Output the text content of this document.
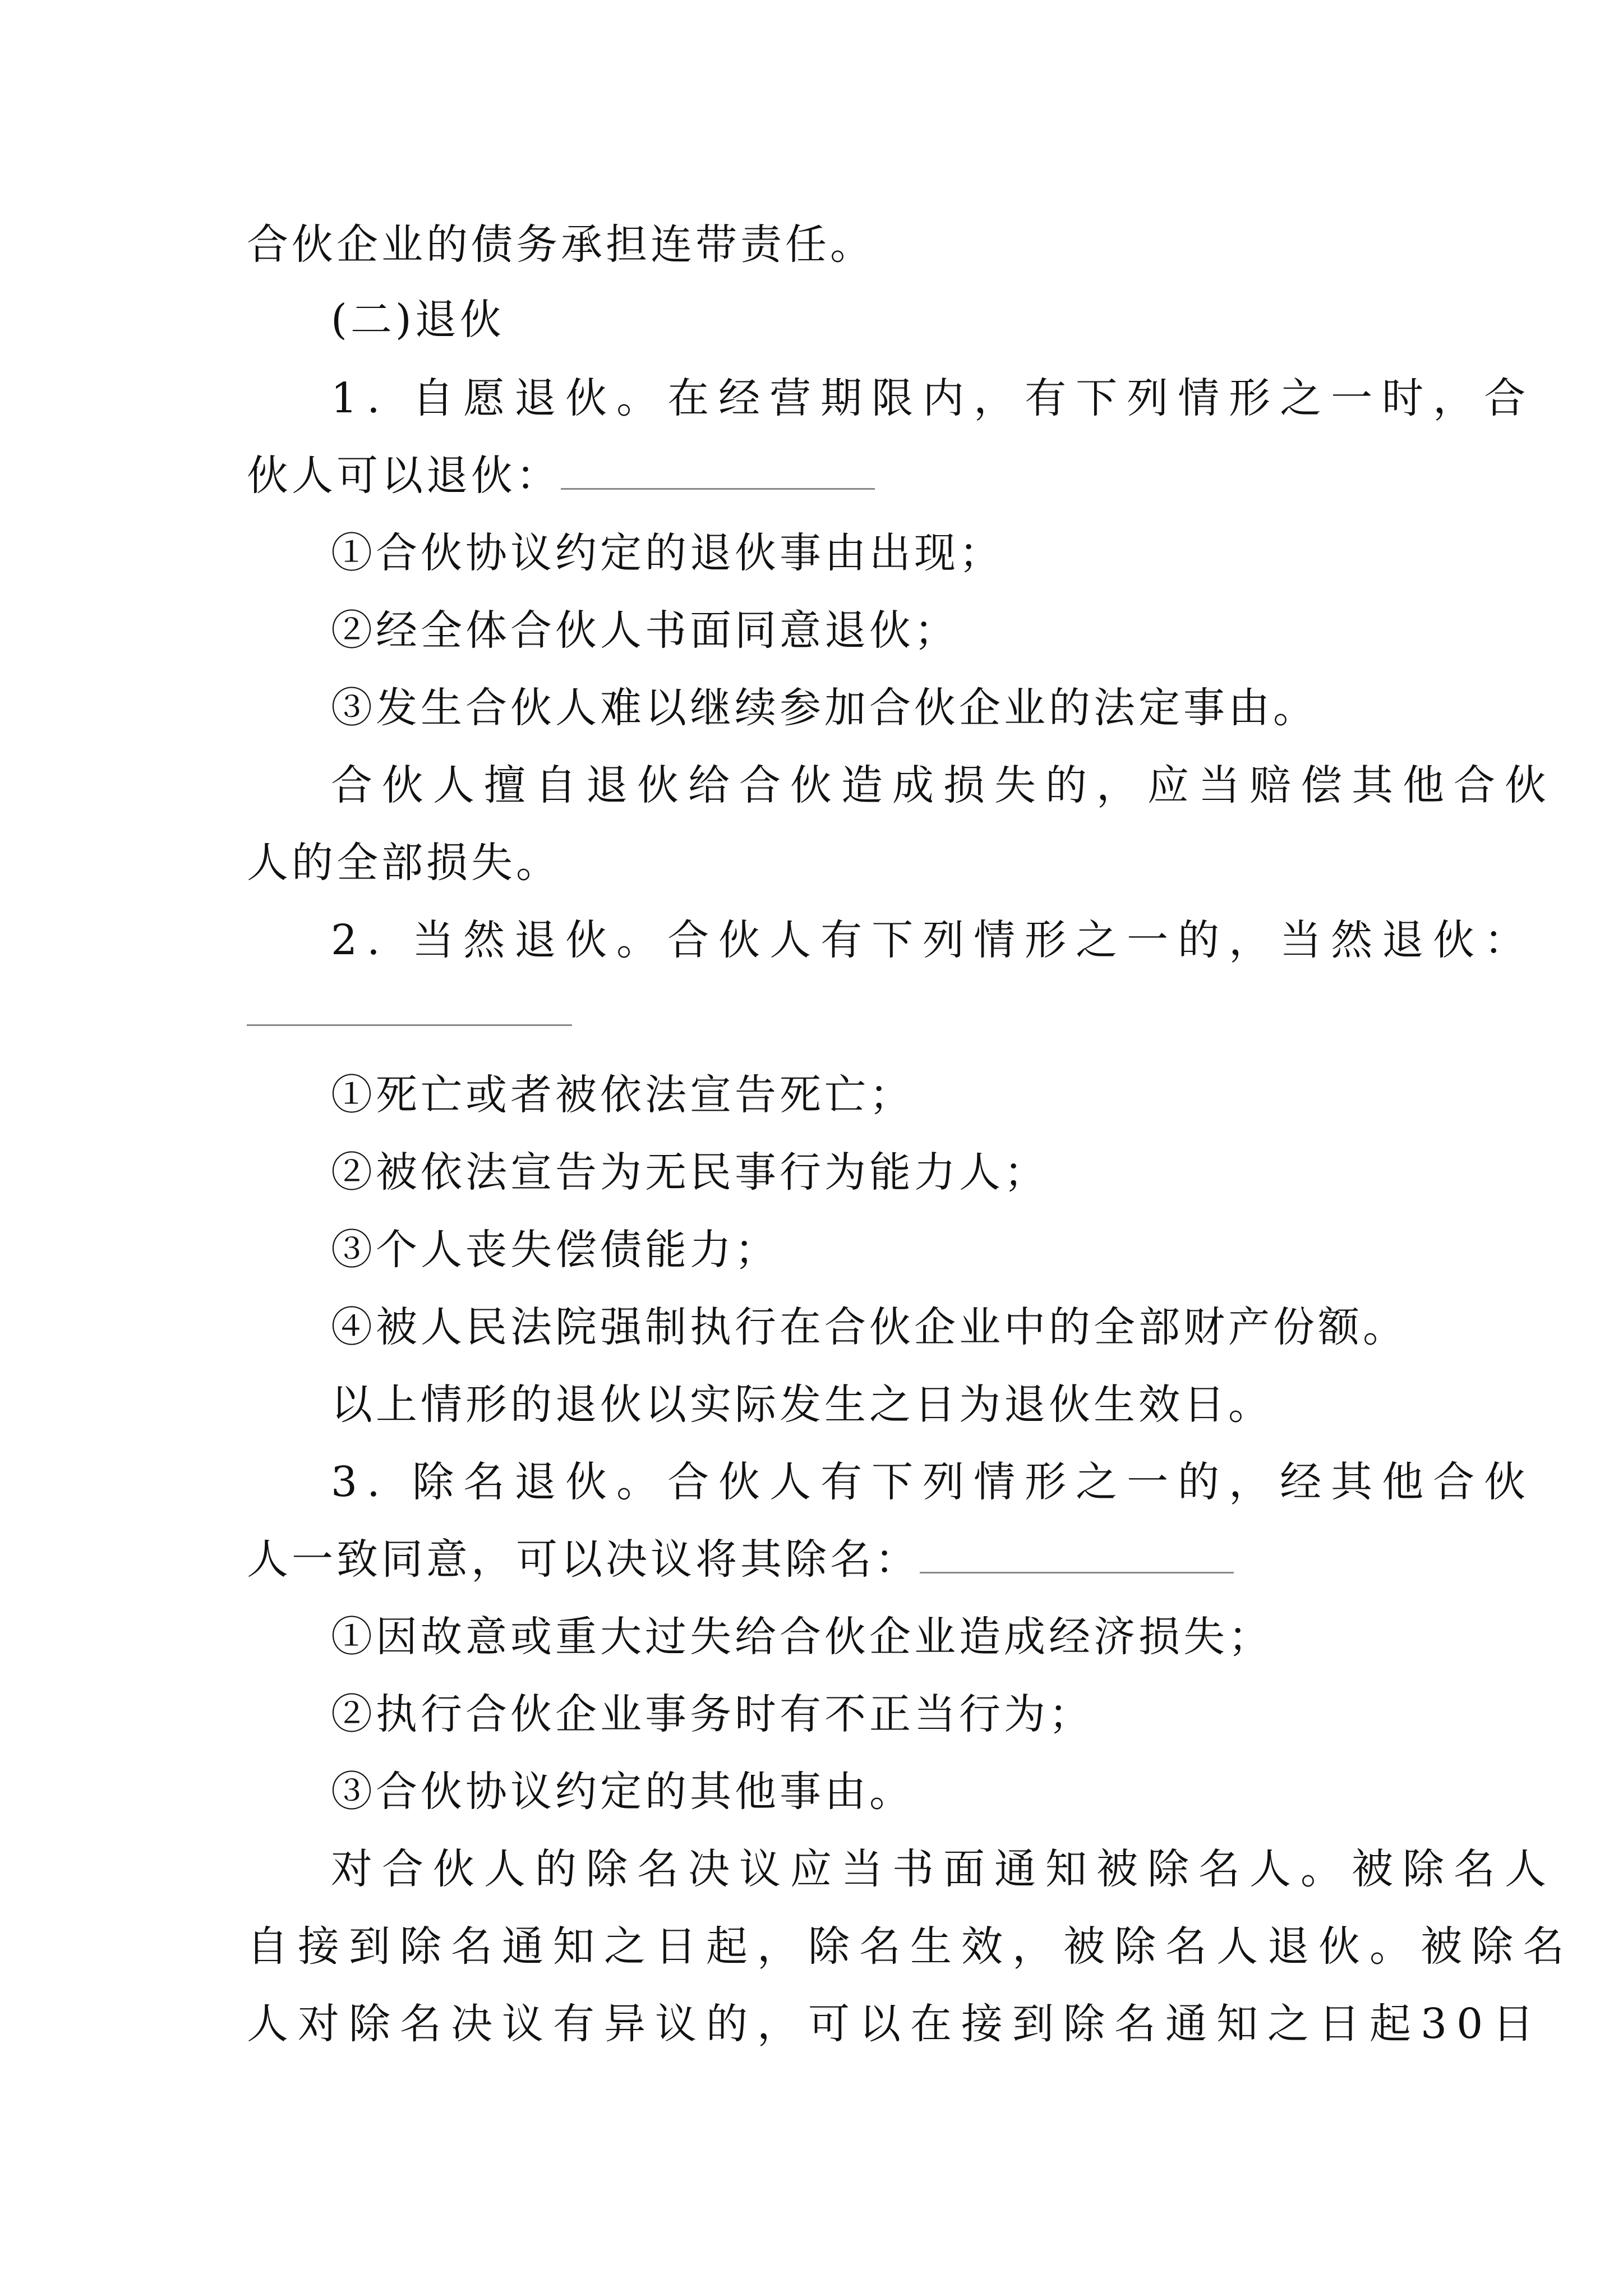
合伙企业的债务承担连带责任。
(二)退伙
1. 自愿退伙。在经营期限内，有下列情形之一时，合
伙人可以退伙：
①合伙协议约定的退伙事由出现；
②经全体合伙人书面同意退伙；
③发生合伙人难以继续参加合伙企业的法定事由。
合伙人擅自退伙给合伙造成损失的，应当赔偿其他合伙
人的全部损失。
2. 当然退伙。合伙人有下列情形之一的，当然退伙：
①死亡或者被依法宣告死亡；
②被依法宣告为无民事行为能力人；
③个人丧失偿债能力；
④被人民法院强制执行在合伙企业中的全部财产份额。
以上情形的退伙以实际发生之日为退伙生效日。
3. 除名退伙。合伙人有下列情形之一的，经其他合伙
人一致同意，可以决议将其除名：
①因故意或重大过失给合伙企业造成经济损失；
②执行合伙企业事务时有不正当行为；
③合伙协议约定的其他事由。
对合伙人的除名决议应当书面通知被除名人。被除名人
自接到除名通知之日起，除名生效，被除名人退伙。被除名
人对除名决议有异议的，可以在接到除名通知之日起30日
